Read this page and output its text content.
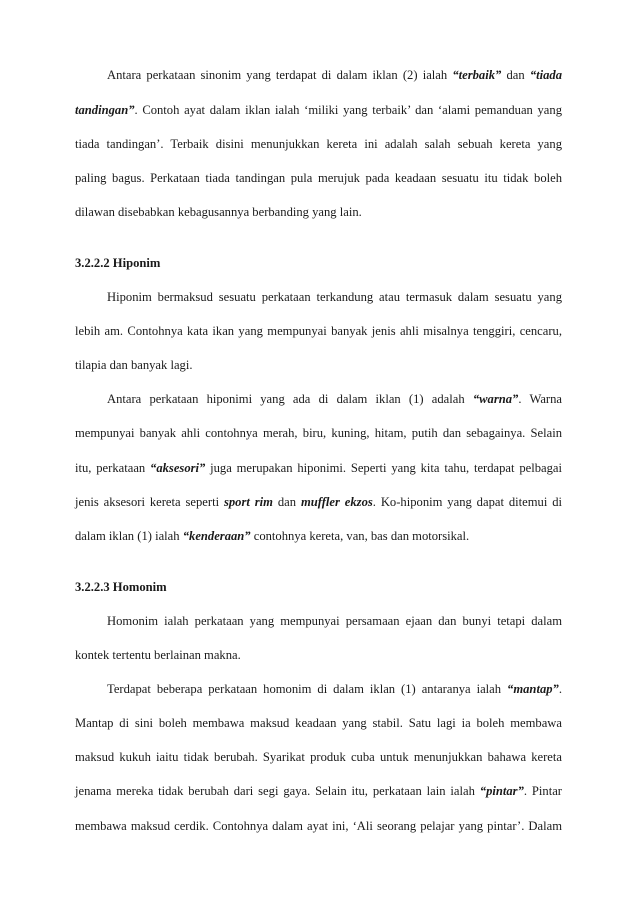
Antara perkataan sinonim yang terdapat di dalam iklan (2) ialah “terbaik” dan “tiada
tandingan”. Contoh ayat dalam iklan ialah ‘miliki yang terbaik’ dan ‘alami pemanduan yang
tiada tandingan’. Terbaik disini menunjukkan kereta ini adalah salah sebuah kereta yang
paling bagus. Perkataan tiada tandingan pula merujuk pada keadaan sesuatu itu tidak boleh
dilawan disebabkan kebagusannya berbanding yang lain.
3.2.2.2 Hiponim
Hiponim bermaksud sesuatu perkataan terkandung atau termasuk dalam sesuatu yang
lebih am. Contohnya kata ikan yang mempunyai banyak jenis ahli misalnya tenggiri, cencaru,
tilapia dan banyak lagi.
Antara perkataan hiponimi yang ada di dalam iklan (1) adalah “warna”. Warna
mempunyai banyak ahli contohnya merah, biru, kuning, hitam, putih dan sebagainya. Selain
itu, perkataan “aksesori” juga merupakan hiponimi. Seperti yang kita tahu, terdapat pelbagai
jenis aksesori kereta seperti sport rim dan muffler ekzos. Ko-hiponim yang dapat ditemui di
dalam iklan (1) ialah “kenderaan” contohnya kereta, van, bas dan motorsikal.
3.2.2.3 Homonim
Homonim ialah perkataan yang mempunyai persamaan ejaan dan bunyi tetapi dalam
kontek tertentu berlainan makna.
Terdapat beberapa perkataan homonim di dalam iklan (1) antaranya ialah “mantap”.
Mantap di sini boleh membawa maksud keadaan yang stabil. Satu lagi ia boleh membawa
maksud kukuh iaitu tidak berubah. Syarikat produk cuba untuk menunjukkan bahawa kereta
jenama mereka tidak berubah dari segi gaya. Selain itu, perkataan lain ialah “pintar”. Pintar
membawa maksud cerdik. Contohnya dalam ayat ini, ‘Ali seorang pelajar yang pintar’. Dalam
